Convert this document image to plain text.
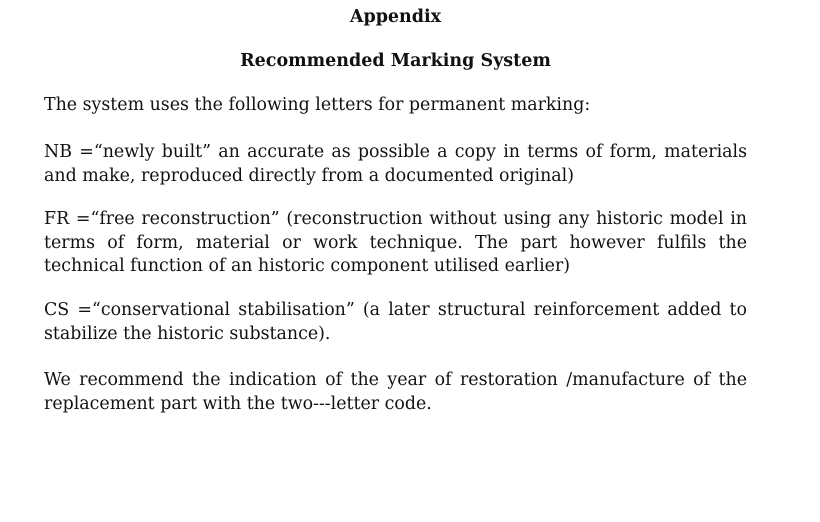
Appendix
Recommended Marking System

The system uses the following letters for permanent marking:

NB =“newly built” an accurate as possible a copy in terms of form, materials and make, reproduced directly from a documented original)

FR =“free reconstruction” (reconstruction without using any historic model in terms of form, material or work technique. The part however fulfils the technical function of an historic component utilised earlier)

CS =“conservational stabilisation” (a later structural reinforcement added to stabilize the historic substance).

We recommend the indication of the year of restoration /manufacture of the replacement part with the two---letter code.
